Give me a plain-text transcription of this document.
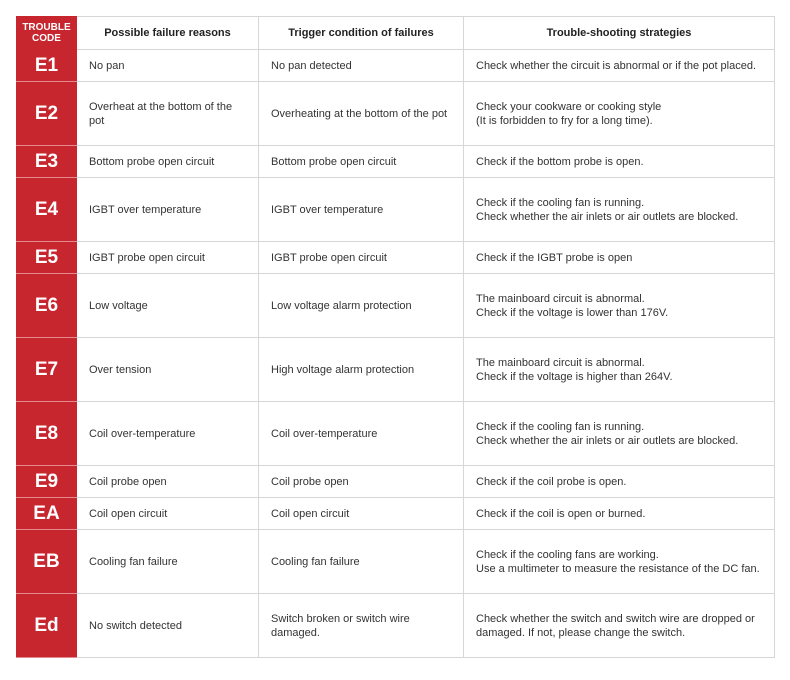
TROUBLE
CODE	Possible failure reasons	Trigger condition of failures	Trouble-shooting strategies
E1	No pan	No pan detected	Check whether the circuit is abnormal or if the pot placed.

E2	Overheat at the bottom of the pot	Overheating at the bottom of the pot	Check your cookware or cooking style
(It is forbidden to fry for a long time).

E3	Bottom probe open circuit	Bottom probe open circuit	Check if the bottom probe is open.

E4	IGBT over temperature	IGBT over temperature	Check if the cooling fan is running.
Check whether the air inlets or air outlets are blocked.

E5	IGBT probe open circuit	IGBT probe open circuit	Check if the IGBT probe is open

E6	Low voltage	Low voltage alarm protection	The mainboard circuit is abnormal.
Check if the voltage is lower than 176V.

E7	Over tension	High voltage alarm protection	The mainboard circuit is abnormal.
Check if the voltage is higher than 264V.

E8	Coil over-temperature	Coil over-temperature	Check if the cooling fan is running.
Check whether the air inlets or air outlets are blocked.

E9	Coil probe open	Coil probe open	Check if the coil probe is open.

EA	Coil open circuit	Coil open circuit	Check if the coil is open or burned.

EB	Cooling fan failure	Cooling fan failure	Check if the cooling fans are working.
Use a multimeter to measure the resistance of the DC fan.

Ed	No switch detected	Switch broken or switch wire damaged.	Check whether the switch and switch wire are dropped or
damaged. If not, please change the switch.
